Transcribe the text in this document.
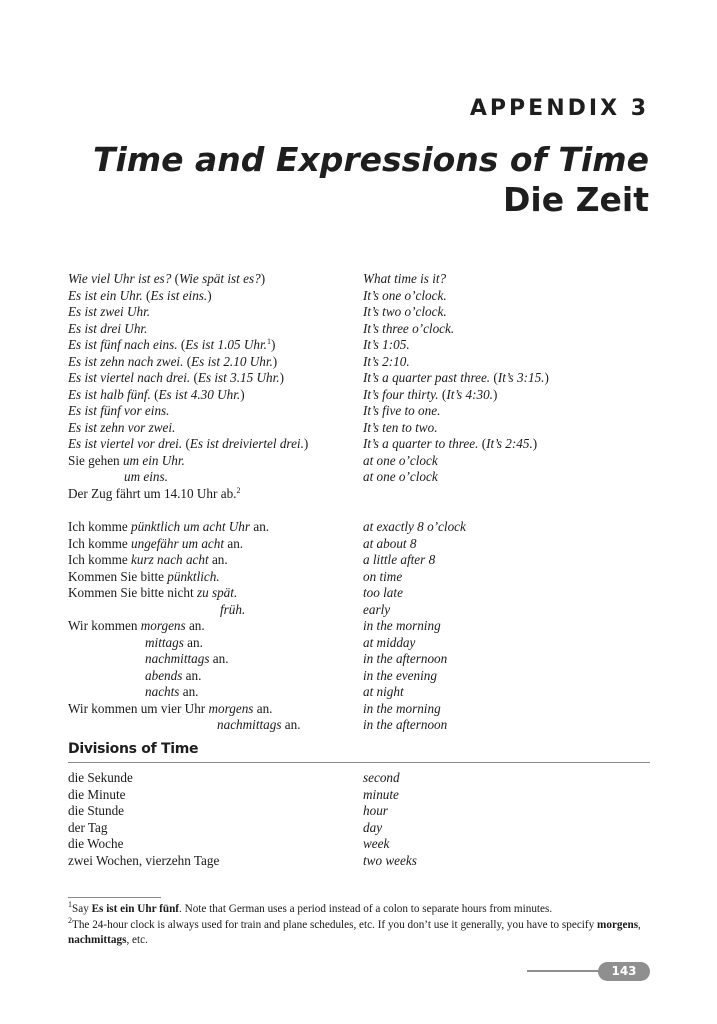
APPENDIX 3
Time and Expressions of Time
Die Zeit
Wie viel Uhr ist es? (Wie spät ist es?)	What time is it?
Es ist ein Uhr. (Es ist eins.)	It’s one o’clock.
Es ist zwei Uhr.	It’s two o’clock.
Es ist drei Uhr.	It’s three o’clock.
Es ist fünf nach eins. (Es ist 1.05 Uhr.$^1$)	It’s 1:05.
Es ist zehn nach zwei. (Es ist 2.10 Uhr.)	It’s 2:10.
Es ist viertel nach drei. (Es ist 3.15 Uhr.)	It’s a quarter past three. (It’s 3:15.)
Es ist halb fünf. (Es ist 4.30 Uhr.)	It’s four thirty. (It’s 4:30.)
Es ist fünf vor eins.	It’s five to one.
Es ist zehn vor zwei.	It’s ten to two.
Es ist viertel vor drei. (Es ist dreiviertel drei.)	It’s a quarter to three. (It’s 2:45.)
Sie gehen um ein Uhr.	at one o’clock
um eins.	at one o’clock
Der Zug fährt um 14.10 Uhr ab.$^2$
Ich komme pünktlich um acht Uhr an.	at exactly 8 o’clock
Ich komme ungefähr um acht an.	at about 8
Ich komme kurz nach acht an.	a little after 8
Kommen Sie bitte pünktlich.	on time
Kommen Sie bitte nicht zu spät.	too late
früh.	early
Wir kommen morgens an.	in the morning
mittags an.	at midday
nachmittags an.	in the afternoon
abends an.	in the evening
nachts an.	at night
Wir kommen um vier Uhr morgens an.	in the morning
nachmittags an.	in the afternoon
Divisions of Time
die Sekunde	second
die Minute	minute
die Stunde	hour
der Tag	day
die Woche	week
zwei Wochen, vierzehn Tage	two weeks

$^1$Say Es ist ein Uhr fünf. Note that German uses a period instead of a colon to separate hours from minutes.

$^2$The 24-hour clock is always used for train and plane schedules, etc. If you don’t use it generally, you have to specify morgens, nachmittags, etc.

143
